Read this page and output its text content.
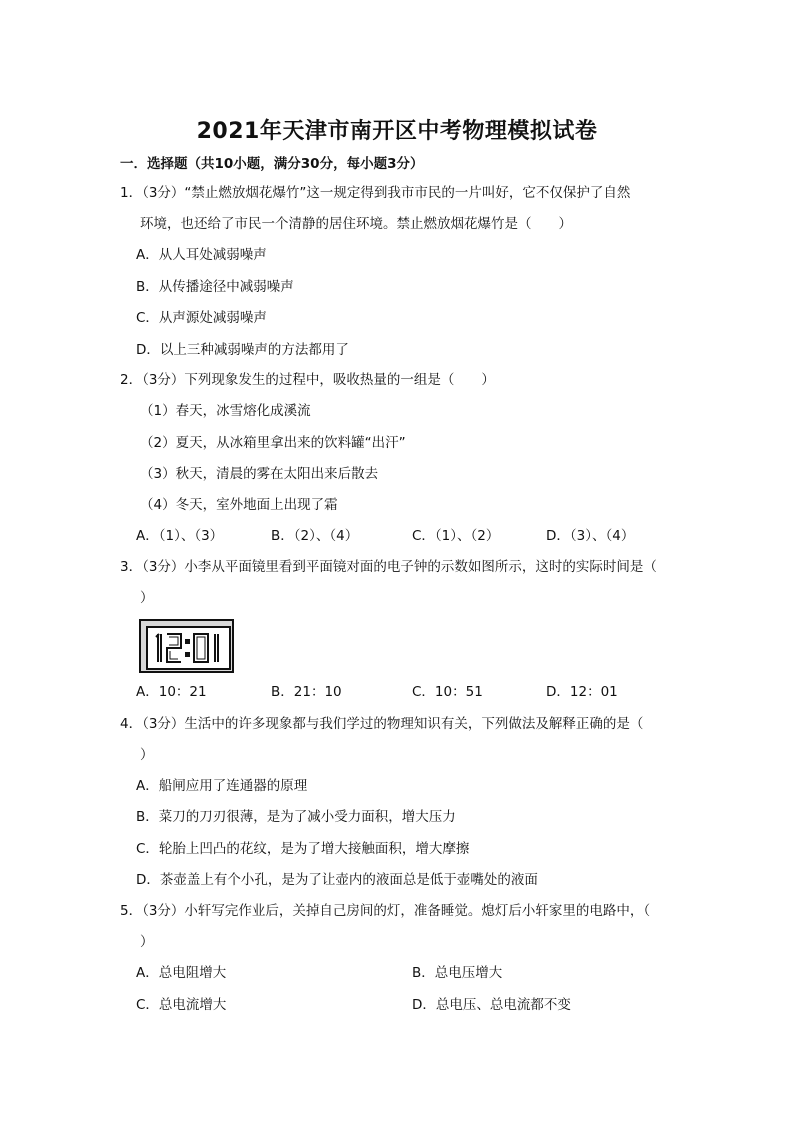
2021年天津市南开区中考物理模拟试卷
一．选择题（共10小题，满分30分，每小题3分）
1．（3分）“禁止燃放烟花爆竹”这一规定得到我市市民的一片叫好，它不仅保护了自然
环境，也还给了市民一个清静的居住环境。禁止燃放烟花爆竹是（　　）
A．从人耳处减弱噪声
B．从传播途径中减弱噪声
C．从声源处减弱噪声
D．以上三种减弱噪声的方法都用了
2．（3分）下列现象发生的过程中，吸收热量的一组是（　　）
（1）春天，冰雪熔化成溪流
（2）夏天，从冰箱里拿出来的饮料罐“出汗”
（3）秋天，清晨的雾在太阳出来后散去
（4）冬天，室外地面上出现了霜
A．（1）、（3）	B．（2）、（4）	C．（1）、（2）	D．（3）、（4）
3．（3分）小李从平面镜里看到平面镜对面的电子钟的示数如图所示，这时的实际时间是（
）
A．10：21	B．21：10	C．10：51	D．12：01
4．（3分）生活中的许多现象都与我们学过的物理知识有关，下列做法及解释正确的是（
）
A．船闸应用了连通器的原理
B．菜刀的刀刃很薄，是为了减小受力面积，增大压力
C．轮胎上凹凸的花纹，是为了增大接触面积，增大摩擦
D．茶壶盖上有个小孔，是为了让壶内的液面总是低于壶嘴处的液面
5．（3分）小轩写完作业后，关掉自己房间的灯，准备睡觉。熄灯后小轩家里的电路中，（
）
A．总电阻增大	B．总电压增大
C．总电流增大	D．总电压、总电流都不变
